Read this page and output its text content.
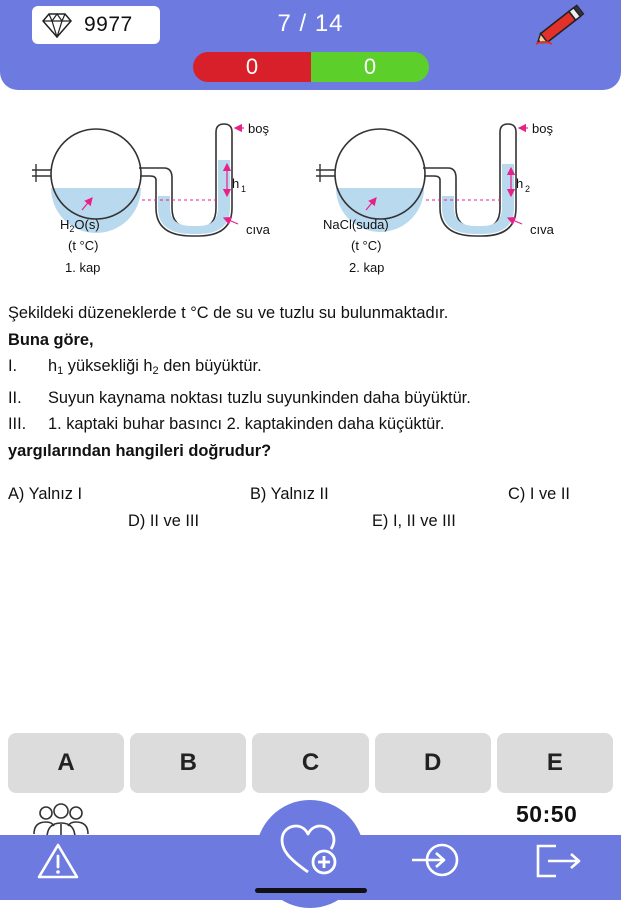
9977	7 / 14
0	0
h 1
boş
cıva
$H_2O(s)$
(t °C)
1. kap
h 2
boş
cıva
NaCl(suda)
(t °C)
2. kap
Şekildeki düzeneklerde t °C de su ve tuzlu su bulunmaktadır.
Buna göre,
I.	$h_1$ yüksekliği $h_2$ den büyüktür.
II.	Suyun kaynama noktası tuzlu suyunkinden daha büyüktür.
III.	1. kaptaki buhar basıncı 2. kaptakinden daha küçüktür.
yargılarından hangileri doğrudur?
A) Yalnız I	B) Yalnız II	C) I ve II
D) II ve III	E) I, II ve III
A	B	C	D	E
50:50
